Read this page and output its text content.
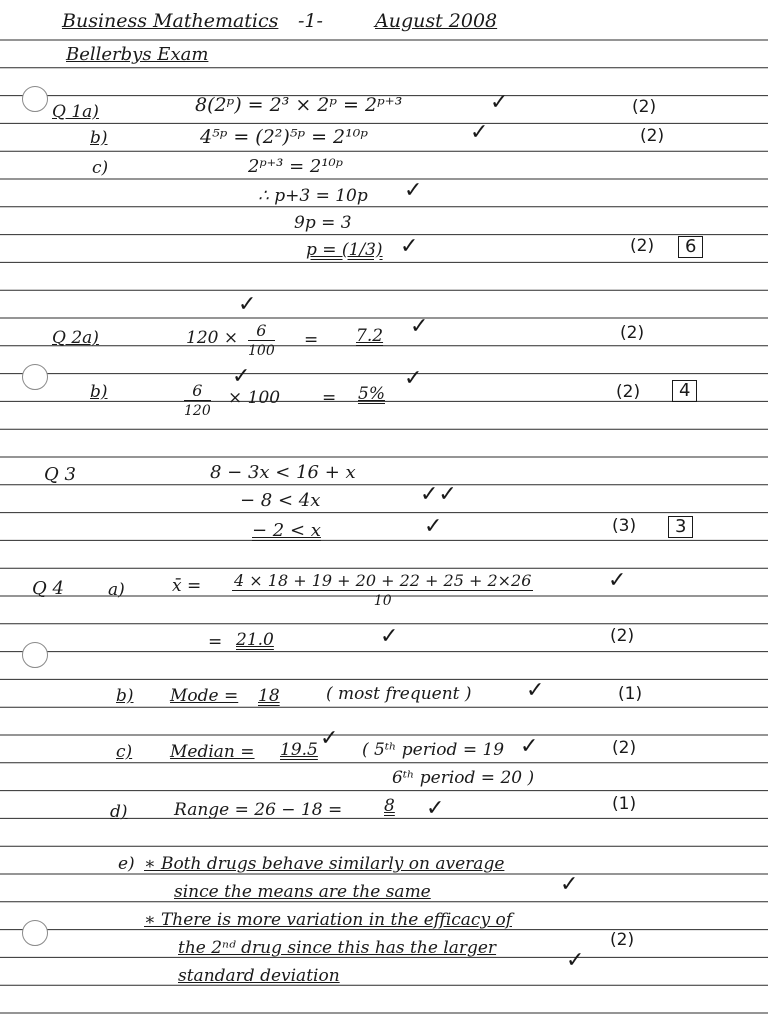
Business Mathematics -1-	August 2008
Bellerbys Exam
Q 1a)	8(2ᵖ) = 2³ × 2ᵖ = 2ᵖ⁺³	✓	(2)
b)	4⁵ᵖ = (2²)⁵ᵖ = 2¹⁰ᵖ	✓	(2)
c)	2ᵖ⁺³ = 2¹⁰ᵖ
∴ p+3 = 10p ✓
9p = 3
p = (1/3) ✓	(2)	6
Q 2a)	$120 \times \frac{6}{100}$
✓
= 7.2 ✓	(2)
b)	$\frac{6}{120}$
✓
× 100 = 5%
✓
(2)	4
Q 3	8 − 3x < 16 + x
− 8 < 4x	✓✓
− 2 < x	✓	(3)	3
Q 4	a)	x̄ = $\frac{4 \times 18 + 19 + 20 + 22 + 25 + 2\times 26}{10}$	✓
= 21.0	✓	(2)
b) Mode = 18	( most frequent ) ✓	(1)
c) Median = 19.5 ✓ ( 5ᵗʰ period = 19 ✓
6ᵗʰ period = 20 )
(2)
d)	Range = 26 − 18 = 8 ✓	(1)
e) ∗ Both drugs behave similarly on average
since the means are the same	✓
∗ There is more variation in the efficacy of
the 2ⁿᵈ drug since this has the larger	(2)
✓
standard deviation
